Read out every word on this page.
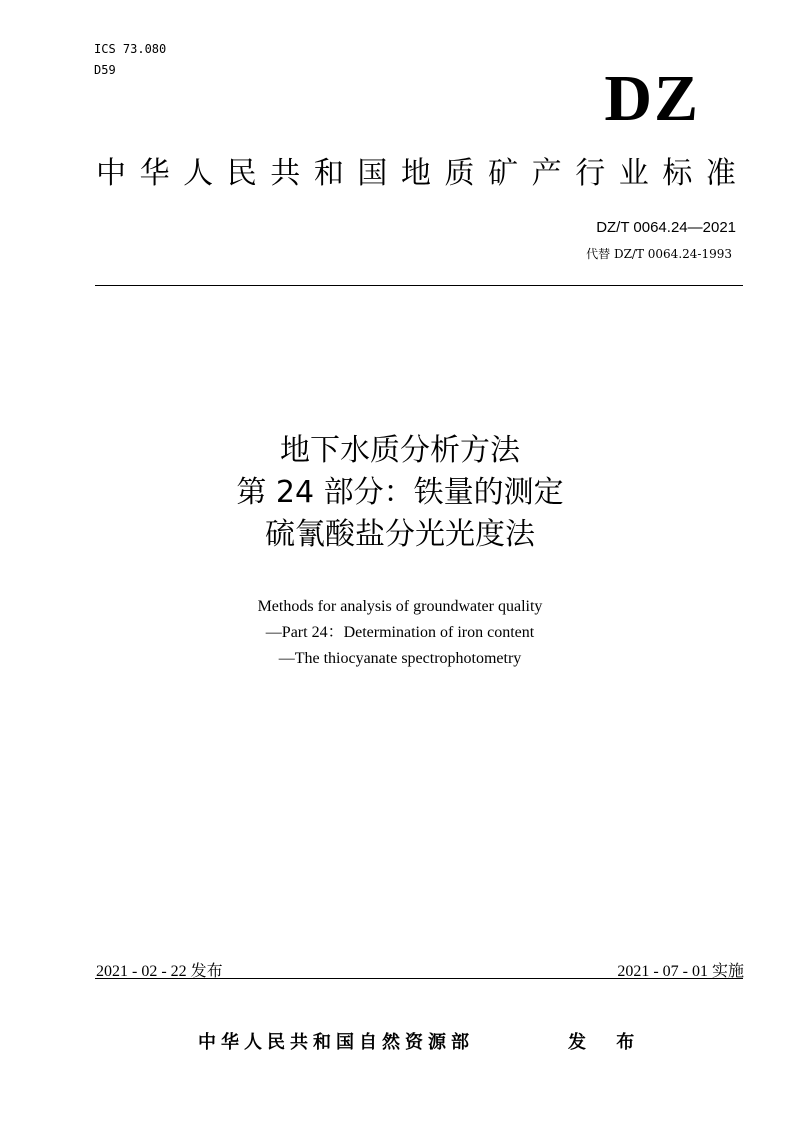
ICS 73.080
D59	DZ
中 华 人 民 共 和 国 地 质 矿 产 行 业 标 准
DZ/T 0064.24—2021
代替 DZ/T 0064.24-1993
地下水质分析方法
第 24 部分：铁量的测定
硫氰酸盐分光光度法
Methods for analysis of groundwater quality
—Part 24：Determination of iron content
—The thiocyanate spectrophotometry
2021 - 02 - 22 发布	2021 - 07 - 01 实施
中华人民共和国自然资源部	发 布
